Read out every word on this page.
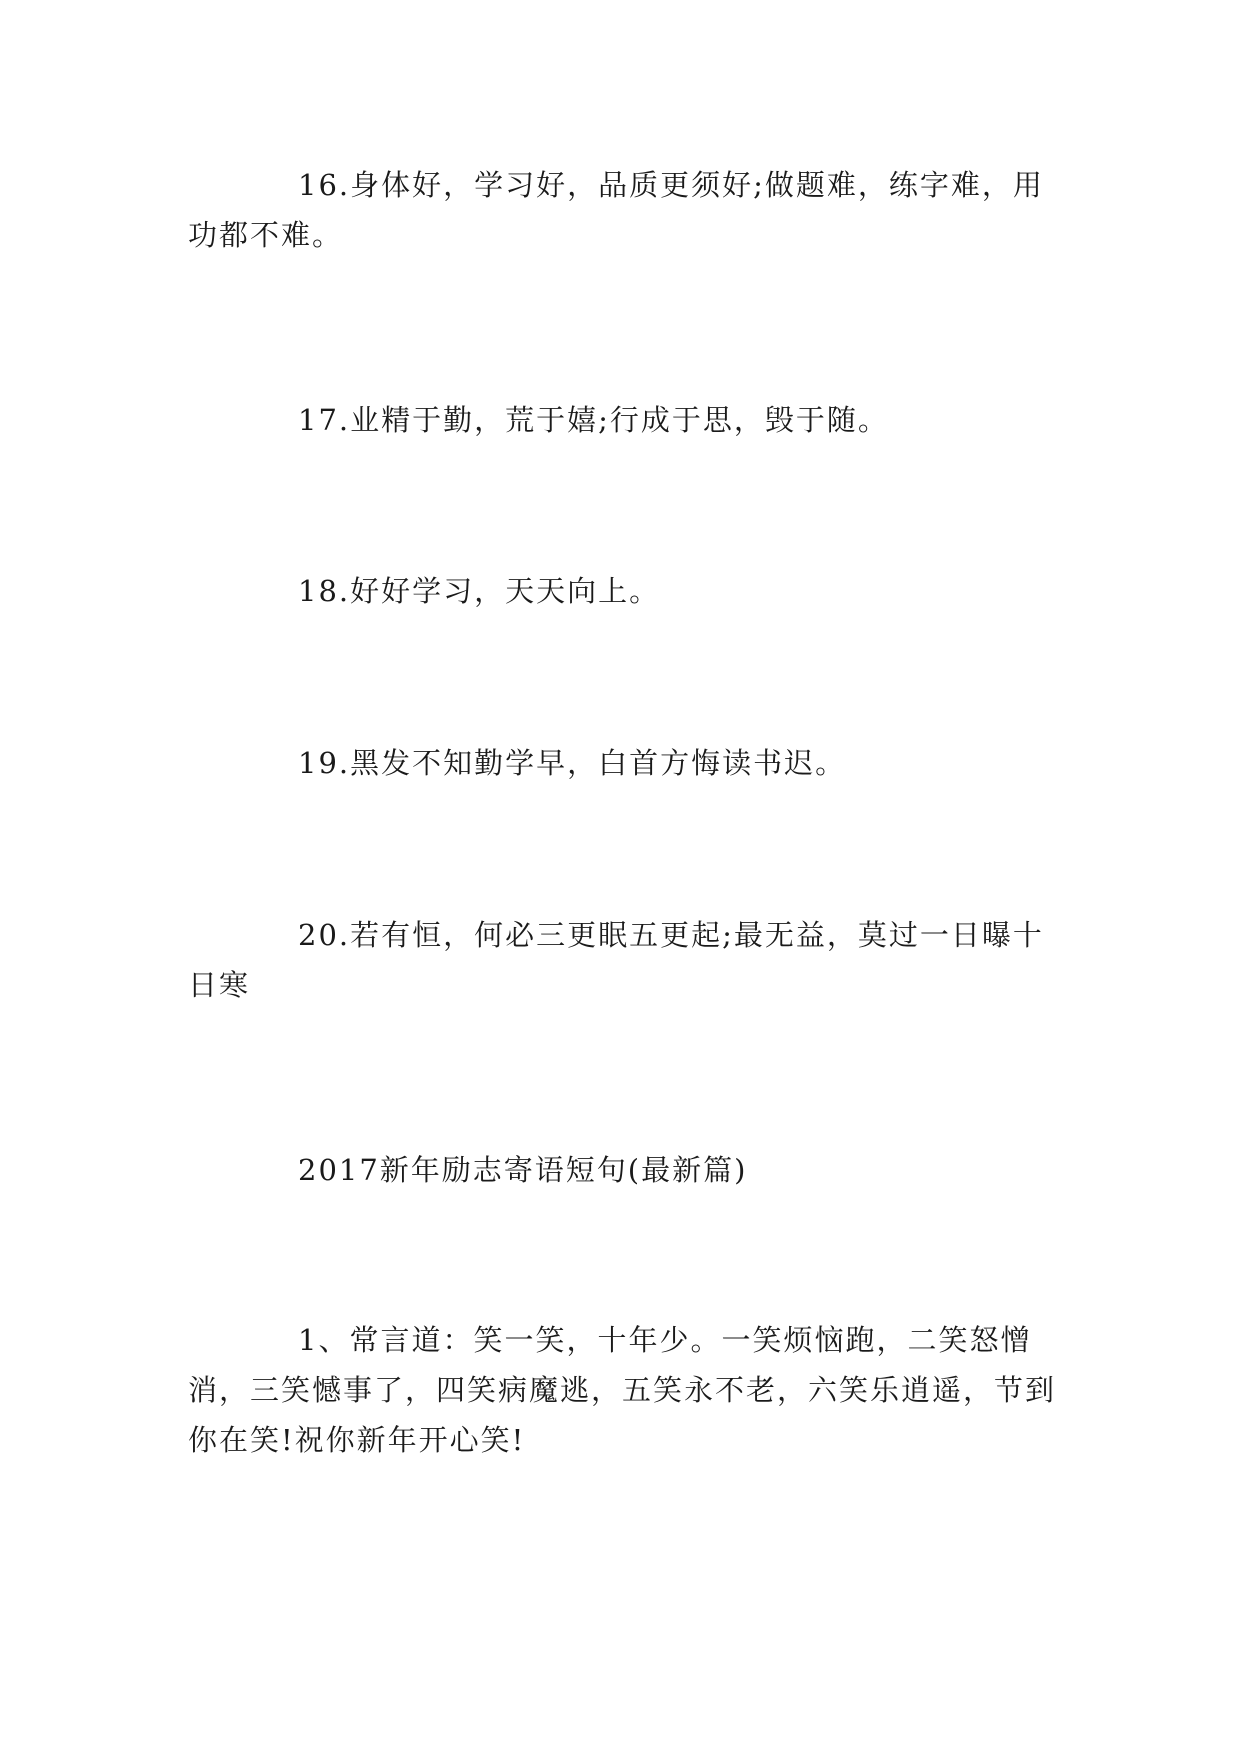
16.身体好，学习好，品质更须好;做题难，练字难，用功都不难。

17.业精于勤，荒于嬉;行成于思，毁于随。

18.好好学习，天天向上。

19.黑发不知勤学早，白首方悔读书迟。

20.若有恒，何必三更眠五更起;最无益，莫过一日曝十日寒

2017新年励志寄语短句(最新篇)

1、常言道：笑一笑，十年少。一笑烦恼跑，二笑怒憎消，三笑憾事了，四笑病魔逃，五笑永不老，六笑乐逍遥，节到你在笑!祝你新年开心笑!
